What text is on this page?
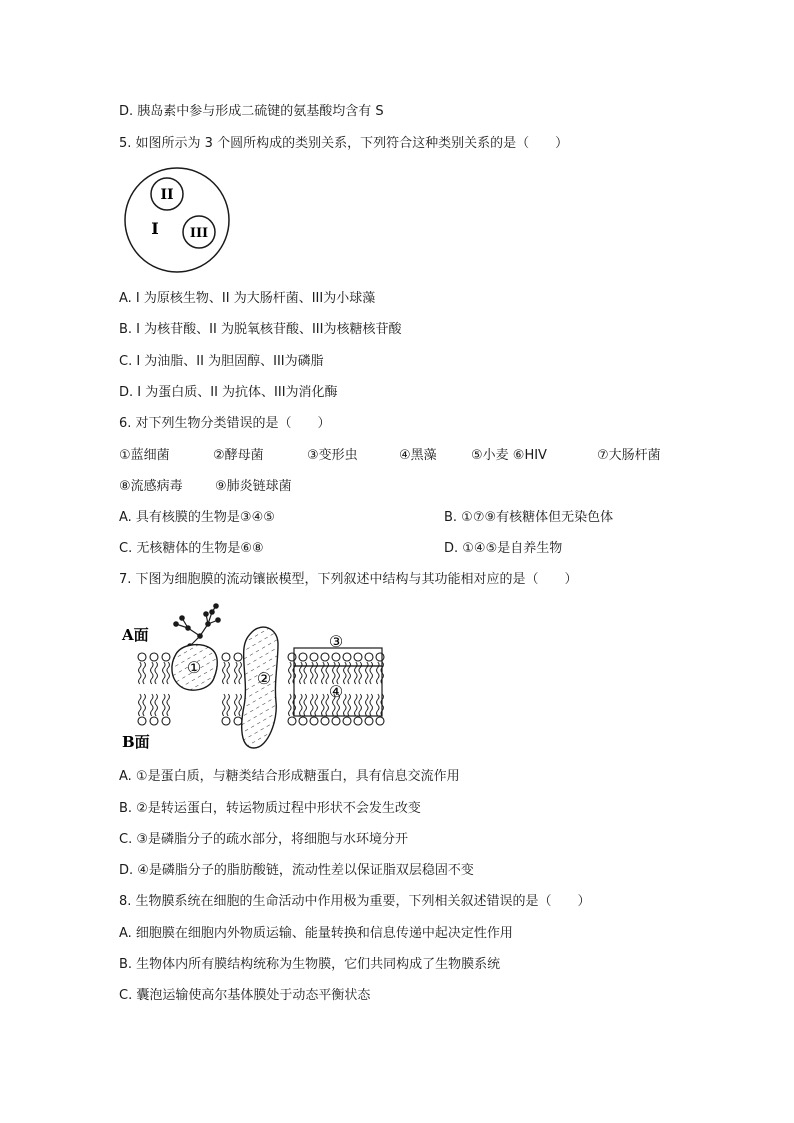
D. 胰岛素中参与形成二硫键的氨基酸均含有 S
5. 如图所示为 3 个圆所构成的类别关系，下列符合这种类别关系的是（　　）
II
III
I
A. I 为原核生物、II 为大肠杆菌、III为小球藻
B. I 为核苷酸、II 为脱氧核苷酸、III为核糖核苷酸
C. I 为油脂、II 为胆固醇、III为磷脂
D. I 为蛋白质、II 为抗体、III为消化酶
6. 对下列生物分类错误的是（　　）
①蓝细菌	②酵母菌	③变形虫	④黑藻	⑤小麦 ⑥HIV	⑦大肠杆菌
⑧流感病毒 ⑨肺炎链球菌
A. 具有核膜的生物是③④⑤	B. ①⑦⑨有核糖体但无染色体
C. 无核糖体的生物是⑥⑧	D. ①④⑤是自养生物
7. 下图为细胞膜的流动镶嵌模型，下列叙述中结构与其功能相对应的是（　　）
①
②
③
④
A面
B面
A. ①是蛋白质，与糖类结合形成糖蛋白，具有信息交流作用
B. ②是转运蛋白，转运物质过程中形状不会发生改变
C. ③是磷脂分子的疏水部分，将细胞与水环境分开
D. ④是磷脂分子的脂肪酸链，流动性差以保证脂双层稳固不变
8. 生物膜系统在细胞的生命活动中作用极为重要，下列相关叙述错误的是（　　）
A. 细胞膜在细胞内外物质运输、能量转换和信息传递中起决定性作用
B. 生物体内所有膜结构统称为生物膜，它们共同构成了生物膜系统
C. 囊泡运输使高尔基体膜处于动态平衡状态
